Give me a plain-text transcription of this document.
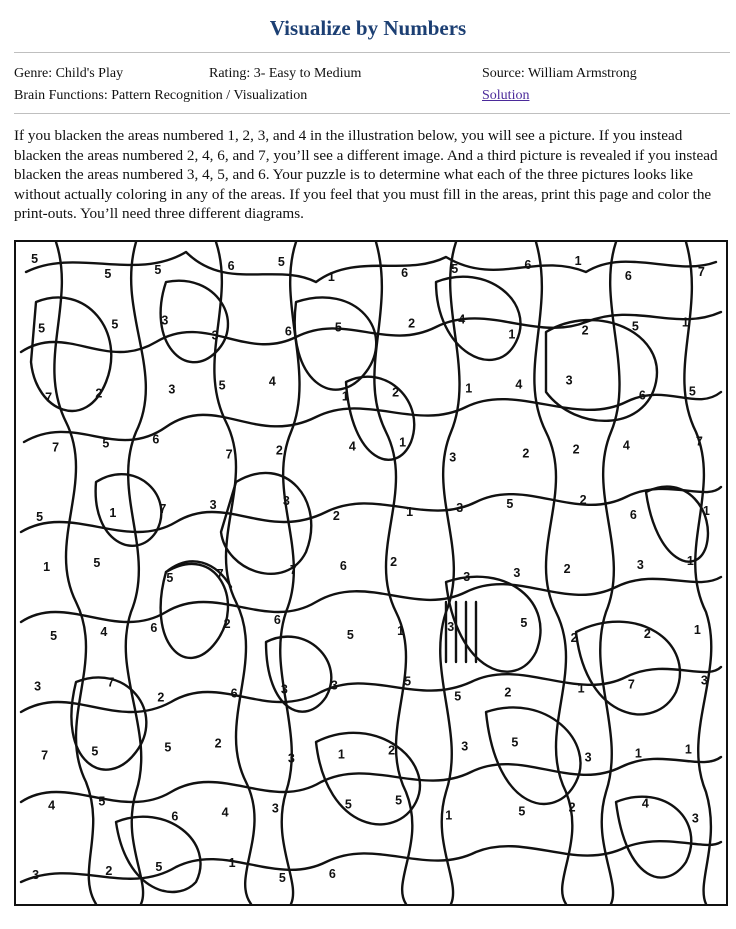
Visualize by Numbers
Genre: Child's Play	Rating: 3- Easy to Medium	Source: William Armstrong
Brain Functions: Pattern Recognition / Visualization	Solution
If you blacken the areas numbered 1, 2, 3, and 4 in the illustration below, you will see a picture. If you instead blacken the areas numbered 2, 4, 6, and 7, you’ll see a different image. And a third picture is revealed if you instead blacken the areas numbered 3, 4, 5, and 6. Your puzzle is to determine what each of the three pictures looks like without actually coloring in any of the areas. If you feel that you must fill in the areas, print this page and color the print-outs. You’ll need three different diagrams.
5
5	5	6	5
1	6	5	6	1
6	7
5	5	3
3	6	5	2	4
1	2	5	1
7	2	3	5	4
1	2	1	4	3
6	5
7	5	6
7	2	4	1
3	2	2	4	7
5	1	7	3	3
2	1	3	5	2
6	1
1	5
5	7	7	6	2
3	3	2	3	1
5	4	6	2	6
5	1	3	5
2	2	1
3	7
2	6	3	3	5
5	2	1	7	3
7	5	5	2
3	1	2	3	5
3	1	1
4	5
6	4	3	5	5
1	5	2	4
3
3	2	5	1
5	6
